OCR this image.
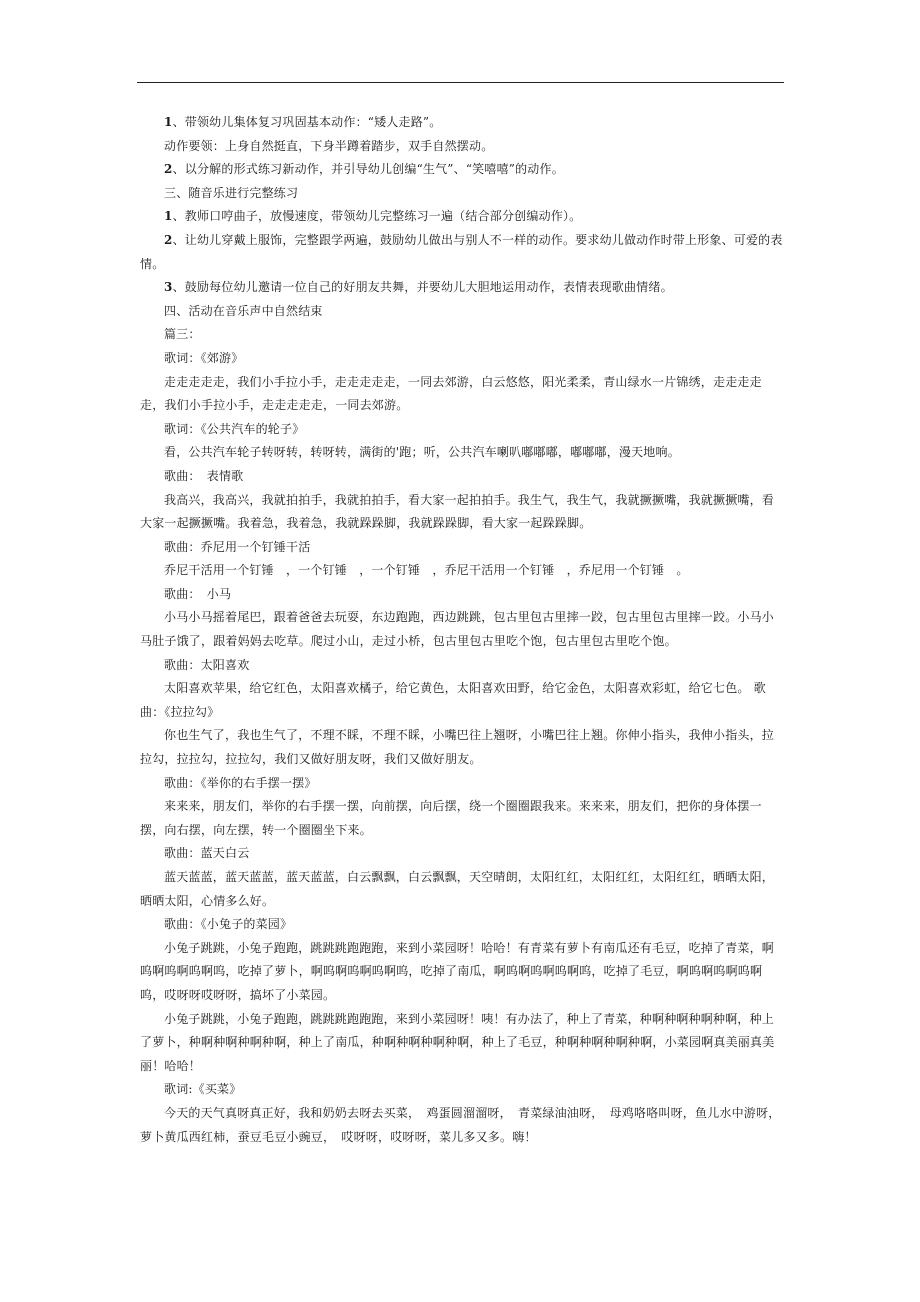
1、带领幼儿集体复习巩固基本动作：“矮人走路”。

动作要领：上身自然挺直，下身半蹲着踏步，双手自然摆动。

2、以分解的形式练习新动作，并引导幼儿创编“生气”、“笑嘻嘻”的动作。

三、随音乐进行完整练习

1、教师口哼曲子，放慢速度，带领幼儿完整练习一遍（结合部分创编动作）。

2、让幼儿穿戴上服饰，完整跟学两遍，鼓励幼儿做出与别人不一样的动作。要求幼儿做动作时带上形象、可爱的表情。

3、鼓励每位幼儿邀请一位自己的好朋友共舞，并要幼儿大胆地运用动作，表情表现歌曲情绪。

四、活动在音乐声中自然结束

篇三：

歌词：《郊游》

走走走走走，我们小手拉小手，走走走走走，一同去郊游，白云悠悠，阳光柔柔，青山绿水一片锦绣，走走走走走，我们小手拉小手，走走走走走，一同去郊游。

歌词：《公共汽车的轮子》

看，公共汽车轮子转呀转，转呀转，满街的'跑；听，公共汽车喇叭嘟嘟嘟，嘟嘟嘟，漫天地响。

歌曲：　表情歌

我高兴，我高兴，我就拍拍手，我就拍拍手，看大家一起拍拍手。我生气，我生气，我就撅撅嘴，我就撅撅嘴，看大家一起撅撅嘴。我着急，我着急，我就跺跺脚，我就跺跺脚，看大家一起跺跺脚。

歌曲：乔尼用一个钉锤干活

乔尼干活用一个钉锤　，一个钉锤　，一个钉锤　，乔尼干活用一个钉锤　，乔尼用一个钉锤　。

歌曲：　小马

小马小马摇着尾巴，跟着爸爸去玩耍，东边跑跑，西边跳跳，包古里包古里摔一跤，包古里包古里摔一跤。小马小马肚子饿了，跟着妈妈去吃草。爬过小山，走过小桥，包古里包古里吃个饱，包古里包古里吃个饱。

歌曲：太阳喜欢

太阳喜欢苹果，给它红色，太阳喜欢橘子，给它黄色，太阳喜欢田野，给它金色，太阳喜欢彩虹，给它七色。 歌曲：《拉拉勾》

你也生气了，我也生气了，不理不睬，不理不睬，小嘴巴往上翘呀，小嘴巴往上翘。你伸小指头，我伸小指头，拉拉勾，拉拉勾，拉拉勾，我们又做好朋友呀，我们又做好朋友。

歌曲：《举你的右手摆一摆》

来来来，朋友们，举你的右手摆一摆，向前摆，向后摆，绕一个圈圈跟我来。来来来，朋友们，把你的身体摆一摆，向右摆，向左摆，转一个圈圈坐下来。

歌曲：蓝天白云

蓝天蓝蓝，蓝天蓝蓝，蓝天蓝蓝，白云飘飘，白云飘飘，天空晴朗，太阳红红，太阳红红，太阳红红，晒晒太阳，晒晒太阳，心情多么好。

歌曲：《小兔子的菜园》

小兔子跳跳，小兔子跑跑，跳跳跳跑跑跑，来到小菜园呀！哈哈！有青菜有萝卜有南瓜还有毛豆，吃掉了青菜，啊呜啊呜啊呜啊呜，吃掉了萝卜，啊呜啊呜啊呜啊呜，吃掉了南瓜，啊呜啊呜啊呜啊呜，吃掉了毛豆，啊呜啊呜啊呜啊呜，哎呀呀哎呀呀，搞坏了小菜园。

小兔子跳跳，小兔子跑跑，跳跳跳跑跑跑，来到小菜园呀！咦！有办法了，种上了青菜，种啊种啊种啊种啊，种上了萝卜，种啊种啊种啊种啊，种上了南瓜，种啊种啊种啊种啊，种上了毛豆，种啊种啊种啊种啊，小菜园啊真美丽真美丽！哈哈！

歌词:《买菜》

今天的天气真呀真正好，我和奶奶去呀去买菜，　鸡蛋圆溜溜呀，　青菜绿油油呀，　母鸡咯咯叫呀，鱼儿水中游呀，萝卜黄瓜西红柿，蚕豆毛豆小豌豆，　哎呀呀，哎呀呀，菜儿多又多。嗨！
